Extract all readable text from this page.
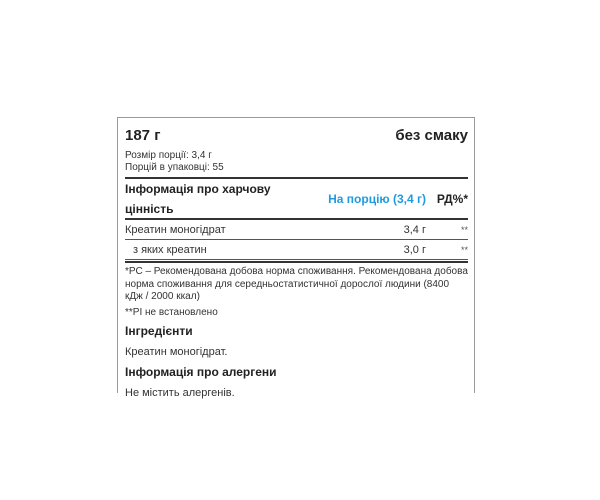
187 г	без смаку
Розмір порції: 3,4 г
Порцій в упаковці: 55
Інформація про харчову
цінність
На порцію (3,4 г) РД%*
Креатин моногідрат	3,4 г	**
з яких креатин	3,0 г	**
*РС – Рекомендована добова норма споживання. Рекомендована добова норма споживання для середньостатистичної дорослої людини (8400 кДж / 2000 ккал)
**РІ не встановлено
Інгредієнти
Креатин моногідрат.
Інформація про алергени
Не містить алергенів.
